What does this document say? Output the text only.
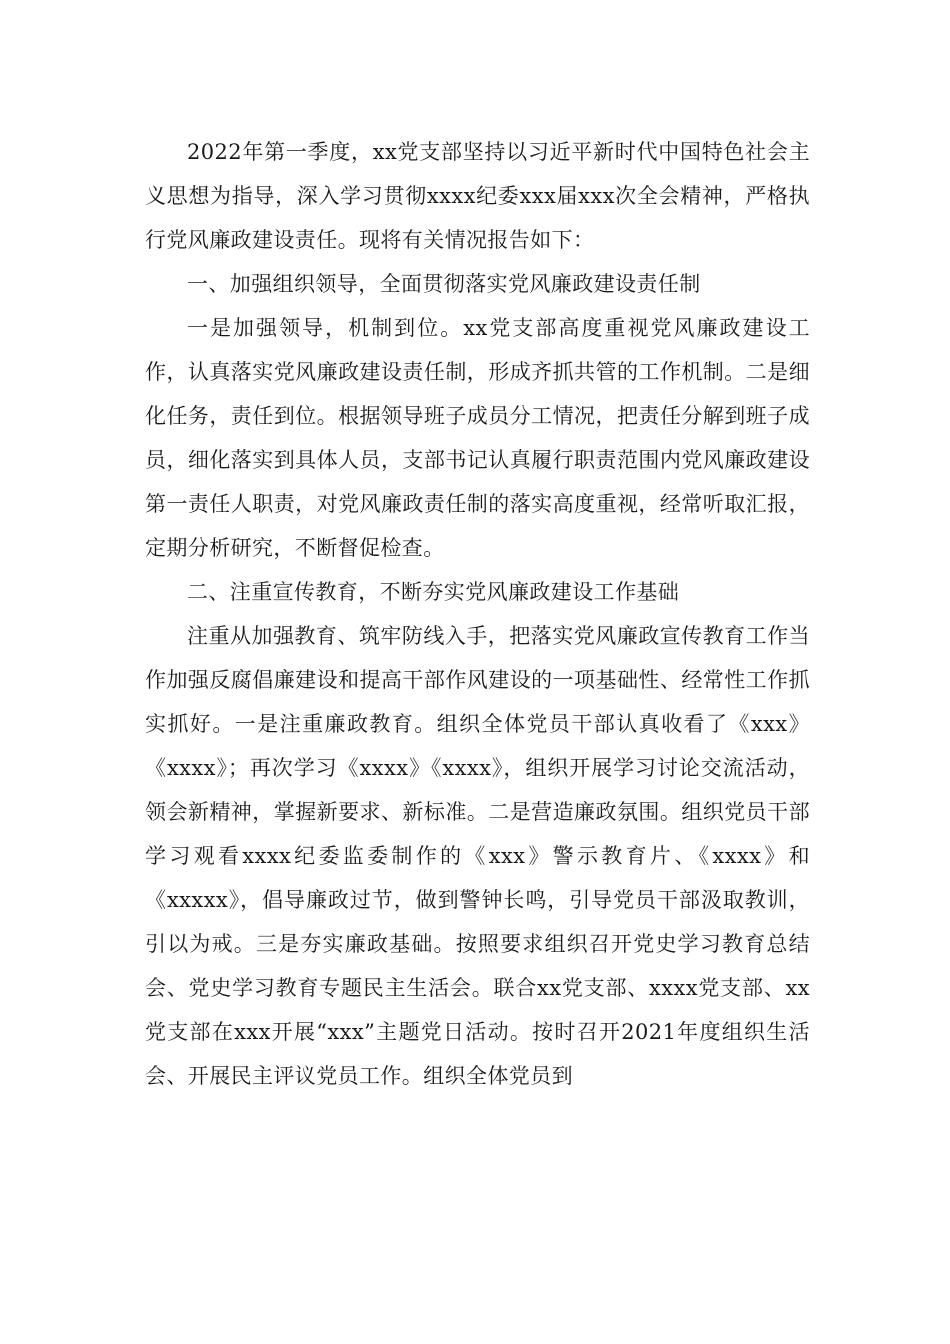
2022年第一季度，xx党支部坚持以习近平新时代中国特色社会主义思想为指导，深入学习贯彻xxxx纪委xxx届xxx次全会精神，严格执行党风廉政建设责任。现将有关情况报告如下：

一、加强组织领导，全面贯彻落实党风廉政建设责任制

一是加强领导，机制到位。xx党支部高度重视党风廉政建设工作，认真落实党风廉政建设责任制，形成齐抓共管的工作机制。二是细化任务，责任到位。根据领导班子成员分工情况，把责任分解到班子成员，细化落实到具体人员，支部书记认真履行职责范围内党风廉政建设第一责任人职责，对党风廉政责任制的落实高度重视，经常听取汇报，定期分析研究，不断督促检查。

二、注重宣传教育，不断夯实党风廉政建设工作基础

注重从加强教育、筑牢防线入手，把落实党风廉政宣传教育工作当作加强反腐倡廉建设和提高干部作风建设的一项基础性、经常性工作抓实抓好。一是注重廉政教育。组织全体党员干部认真收看了《xxx》《xxxx》；再次学习《xxxx》《xxxx》，组织开展学习讨论交流活动，领会新精神，掌握新要求、新标准。二是营造廉政氛围。组织党员干部学习观看xxxx纪委监委制作的《xxx》警示教育片、《xxxx》和《xxxxx》，倡导廉政过节，做到警钟长鸣，引导党员干部汲取教训，引以为戒。三是夯实廉政基础。按照要求组织召开党史学习教育总结会、党史学习教育专题民主生活会。联合xx党支部、xxxx党支部、xx党支部在xxx开展“xxx”主题党日活动。按时召开2021年度组织生活会、开展民主评议党员工作。组织全体党员到
